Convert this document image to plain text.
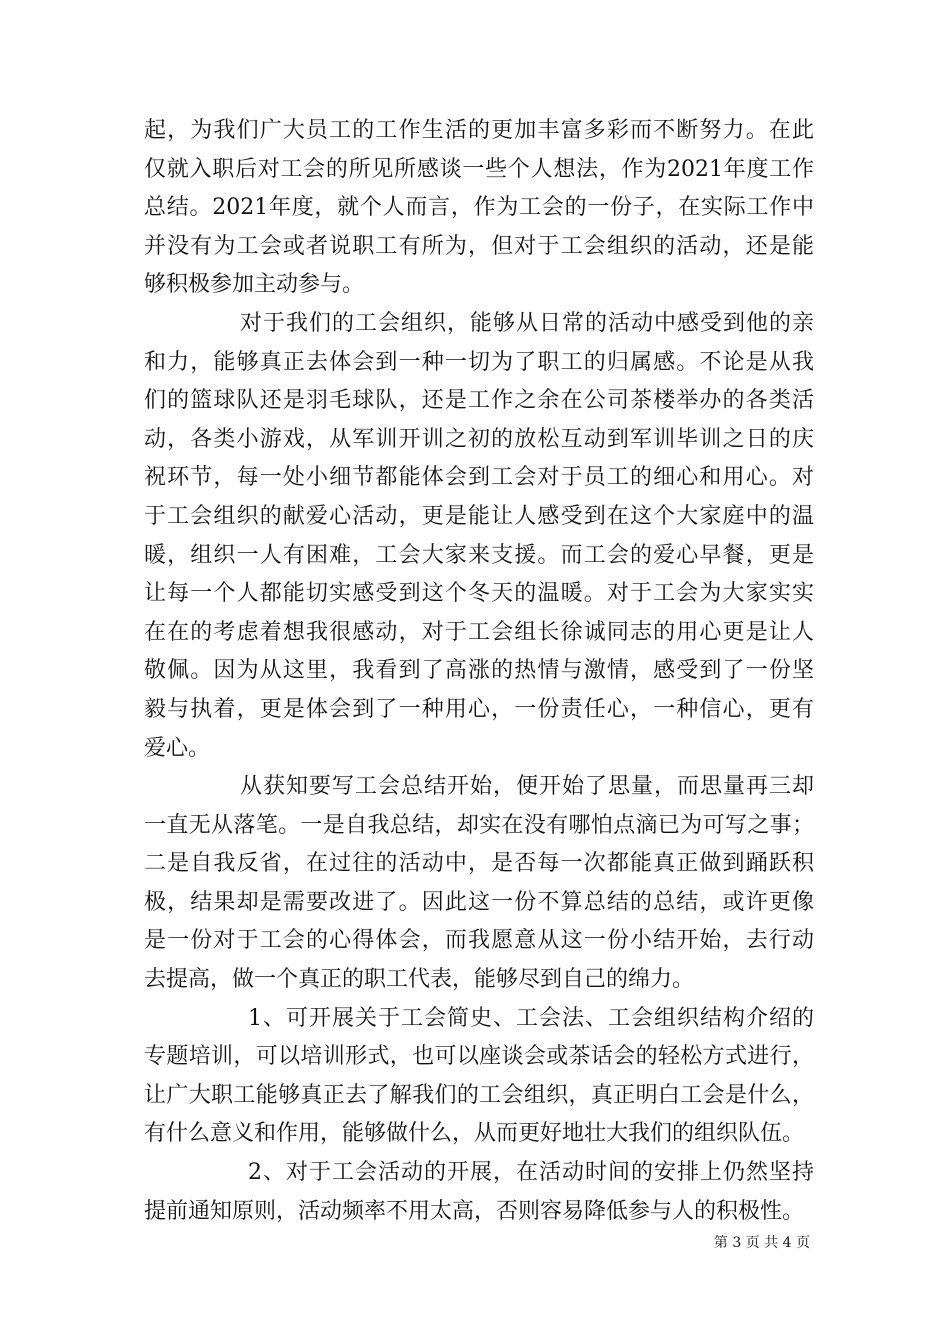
起，为我们广大员工的工作生活的更加丰富多彩而不断努力。在此
仅就入职后对工会的所见所感谈一些个人想法，作为2021年度工作
总结。2021年度，就个人而言，作为工会的一份子，在实际工作中
并没有为工会或者说职工有所为，但对于工会组织的活动，还是能
够积极参加主动参与。
对于我们的工会组织，能够从日常的活动中感受到他的亲
和力，能够真正去体会到一种一切为了职工的归属感。不论是从我
们的篮球队还是羽毛球队，还是工作之余在公司茶楼举办的各类活
动，各类小游戏，从军训开训之初的放松互动到军训毕训之日的庆
祝环节，每一处小细节都能体会到工会对于员工的细心和用心。对
于工会组织的献爱心活动，更是能让人感受到在这个大家庭中的温
暖，组织一人有困难，工会大家来支援。而工会的爱心早餐，更是
让每一个人都能切实感受到这个冬天的温暖。对于工会为大家实实
在在的考虑着想我很感动，对于工会组长徐诚同志的用心更是让人
敬佩。因为从这里，我看到了高涨的热情与激情，感受到了一份坚
毅与执着，更是体会到了一种用心，一份责任心，一种信心，更有
爱心。
从获知要写工会总结开始，便开始了思量，而思量再三却
一直无从落笔。一是自我总结，却实在没有哪怕点滴已为可写之事；
二是自我反省，在过往的活动中，是否每一次都能真正做到踊跃积
极，结果却是需要改进了。因此这一份不算总结的总结，或许更像
是一份对于工会的心得体会，而我愿意从这一份小结开始，去行动
去提高，做一个真正的职工代表，能够尽到自己的绵力。
1、可开展关于工会简史、工会法、工会组织结构介绍的
专题培训，可以培训形式，也可以座谈会或茶话会的轻松方式进行，
让广大职工能够真正去了解我们的工会组织，真正明白工会是什么，
有什么意义和作用，能够做什么，从而更好地壮大我们的组织队伍。
2、对于工会活动的开展，在活动时间的安排上仍然坚持
提前通知原则，活动频率不用太高，否则容易降低参与人的积极性。
第 3 页 共 4 页
